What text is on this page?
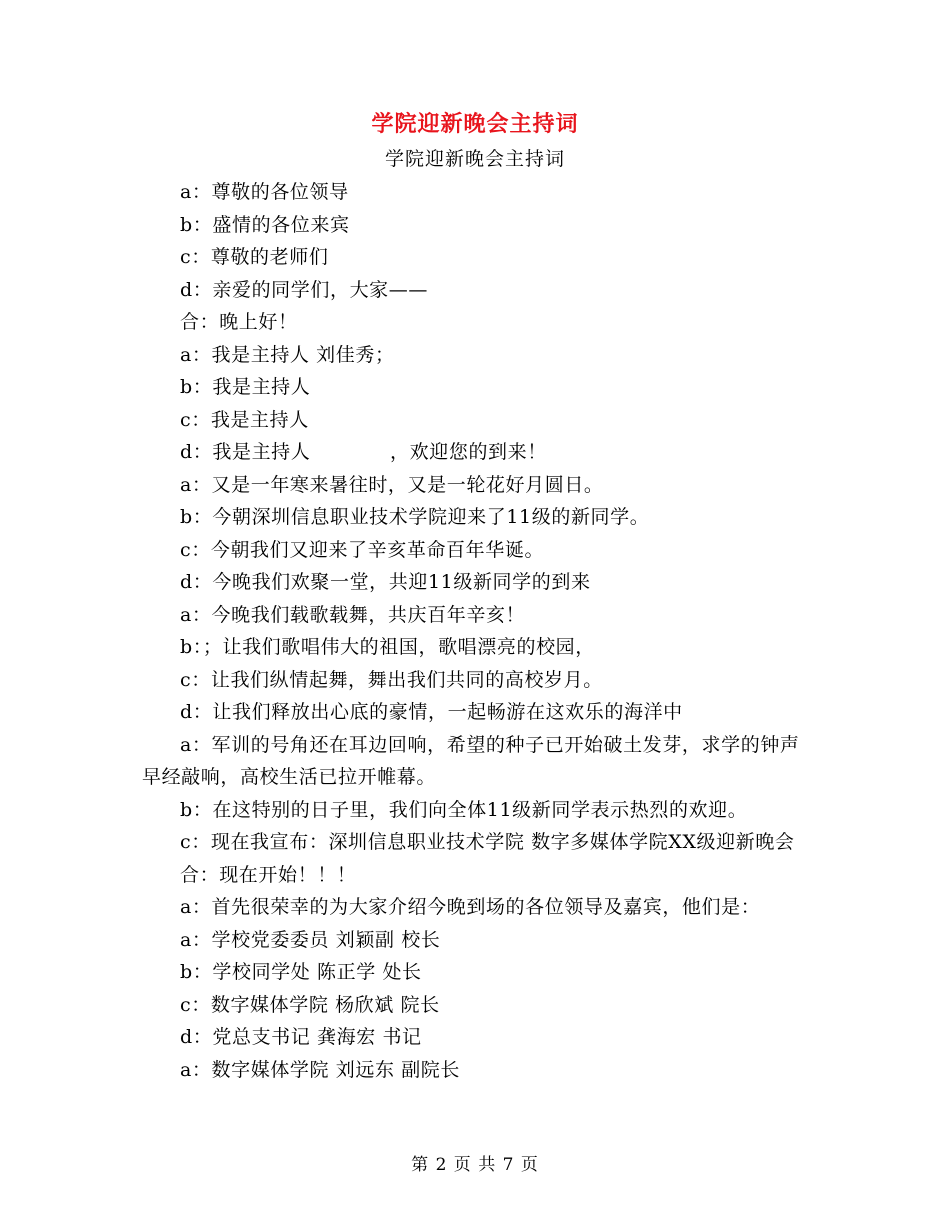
学院迎新晚会主持词
学院迎新晚会主持词

a：尊敬的各位领导

b：盛情的各位来宾

c：尊敬的老师们

d：亲爱的同学们，大家——

合：晚上好！

a：我是主持人 刘佳秀；

b：我是主持人

c：我是主持人

d：我是主持人            ，欢迎您的到来！

a：又是一年寒来暑往时，又是一轮花好月圆日。

b：今朝深圳信息职业技术学院迎来了11级的新同学。

c：今朝我们又迎来了辛亥革命百年华诞。

d：今晚我们欢聚一堂，共迎11级新同学的到来

a：今晚我们载歌载舞，共庆百年辛亥！

b：；让我们歌唱伟大的祖国，歌唱漂亮的校园，

c：让我们纵情起舞，舞出我们共同的高校岁月。

d：让我们释放出心底的豪情，一起畅游在这欢乐的海洋中

a：军训的号角还在耳边回响，希望的种子已开始破土发芽，求学的钟声早经敲响，高校生活已拉开帷幕。

b：在这特别的日子里，我们向全体11级新同学表示热烈的欢迎。

c：现在我宣布：深圳信息职业技术学院 数字多媒体学院XX级迎新晚会

合：现在开始！！！

a：首先很荣幸的为大家介绍今晚到场的各位领导及嘉宾，他们是：

a：学校党委委员 刘颖副 校长

b：学校同学处 陈正学 处长

c：数字媒体学院 杨欣斌 院长

d：党总支书记 龚海宏 书记

a：数字媒体学院 刘远东 副院长

第 2 页 共 7 页
